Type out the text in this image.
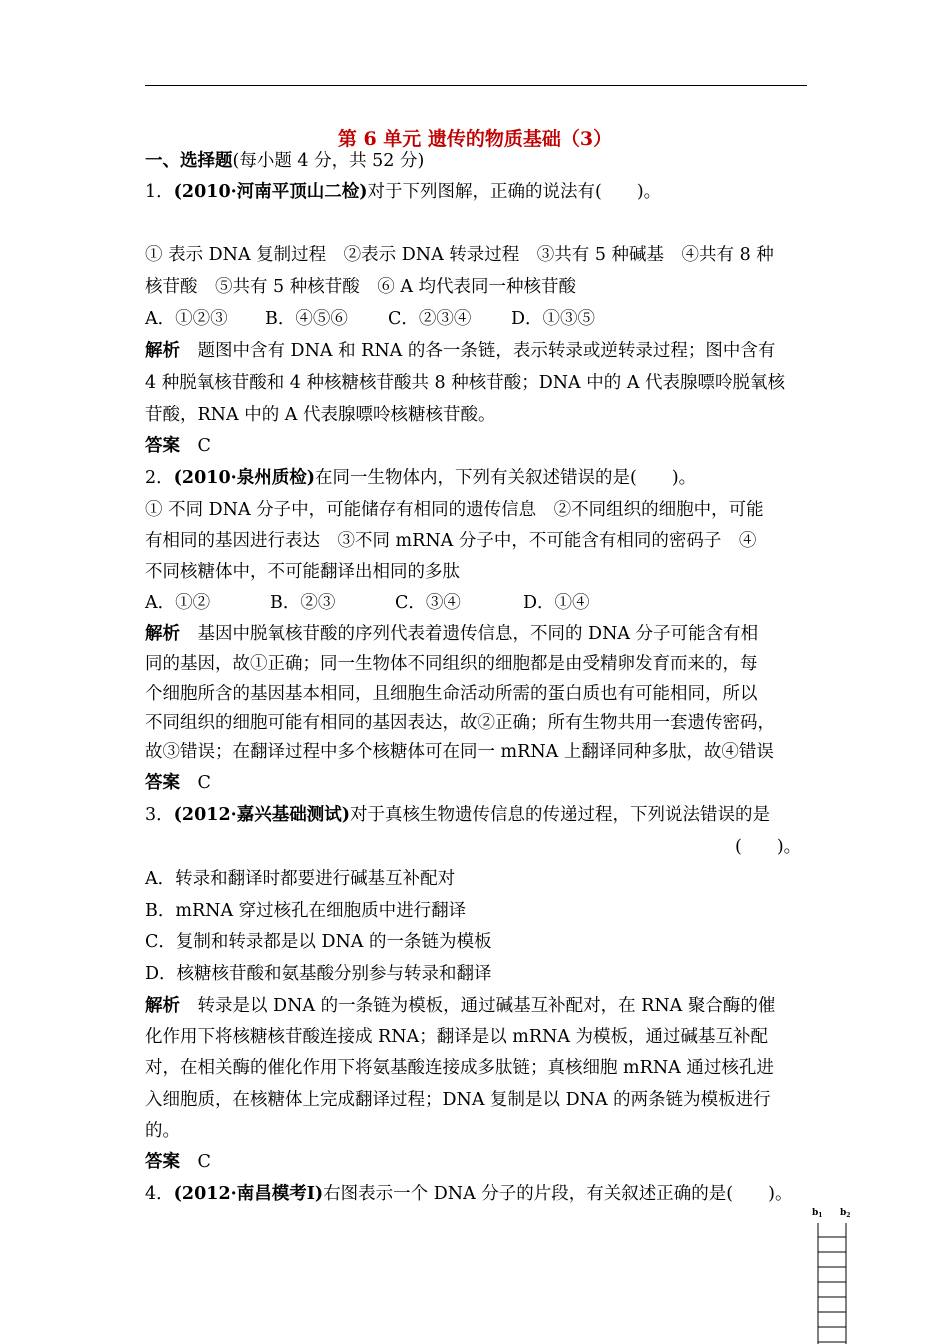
第 6 单元 遗传的物质基础（3）
一、选择题(每小题 4 分，共 52 分)
1．(2010·河南平顶山二检)对于下列图解，正确的说法有(　　)。
① 表示 DNA 复制过程　②表示 DNA 转录过程　③共有 5 种碱基　④共有 8 种
核苷酸　⑤共有 5 种核苷酸　⑥ A 均代表同一种核苷酸
A．①②③ B．④⑤⑥ C．②③④ D．①③⑤
解析  题图中含有 DNA 和 RNA 的各一条链，表示转录或逆转录过程；图中含有
4 种脱氧核苷酸和 4 种核糖核苷酸共 8 种核苷酸；DNA 中的 A 代表腺嘌呤脱氧核
苷酸，RNA 中的 A 代表腺嘌呤核糖核苷酸。
答案  C
2．(2010·泉州质检)在同一生物体内，下列有关叙述错误的是(　　)。
① 不同 DNA 分子中，可能储存有相同的遗传信息　②不同组织的细胞中，可能
有相同的基因进行表达　③不同 mRNA 分子中，不可能含有相同的密码子　④
不同核糖体中，不可能翻译出相同的多肽
A．①②	B．②③	C．③④	D．①④
解析  基因中脱氧核苷酸的序列代表着遗传信息，不同的 DNA 分子可能含有相
同的基因，故①正确；同一生物体不同组织的细胞都是由受精卵发育而来的，每
个细胞所含的基因基本相同，且细胞生命活动所需的蛋白质也有可能相同，所以
不同组织的细胞可能有相同的基因表达，故②正确；所有生物共用一套遗传密码，
故③错误；在翻译过程中多个核糖体可在同一 mRNA 上翻译同种多肽，故④错误
答案  C
3．(2012·嘉兴基础测试)对于真核生物遗传信息的传递过程，下列说法错误的是
(　　)。
A．转录和翻译时都要进行碱基互补配对
B．mRNA 穿过核孔在细胞质中进行翻译
C．复制和转录都是以 DNA 的一条链为模板
D．核糖核苷酸和氨基酸分别参与转录和翻译
解析  转录是以 DNA 的一条链为模板，通过碱基互补配对，在 RNA 聚合酶的催
化作用下将核糖核苷酸连接成 RNA；翻译是以 mRNA 为模板，通过碱基互补配
对，在相关酶的催化作用下将氨基酸连接成多肽链；真核细胞 mRNA 通过核孔进
入细胞质，在核糖体上完成翻译过程；DNA 复制是以 DNA 的两条链为模板进行
的。
答案  C
4．(2012·南昌模考Ⅰ)右图表示一个 DNA 分子的片段，有关叙述正确的是(　　)。
$b_1$ $b_2$
